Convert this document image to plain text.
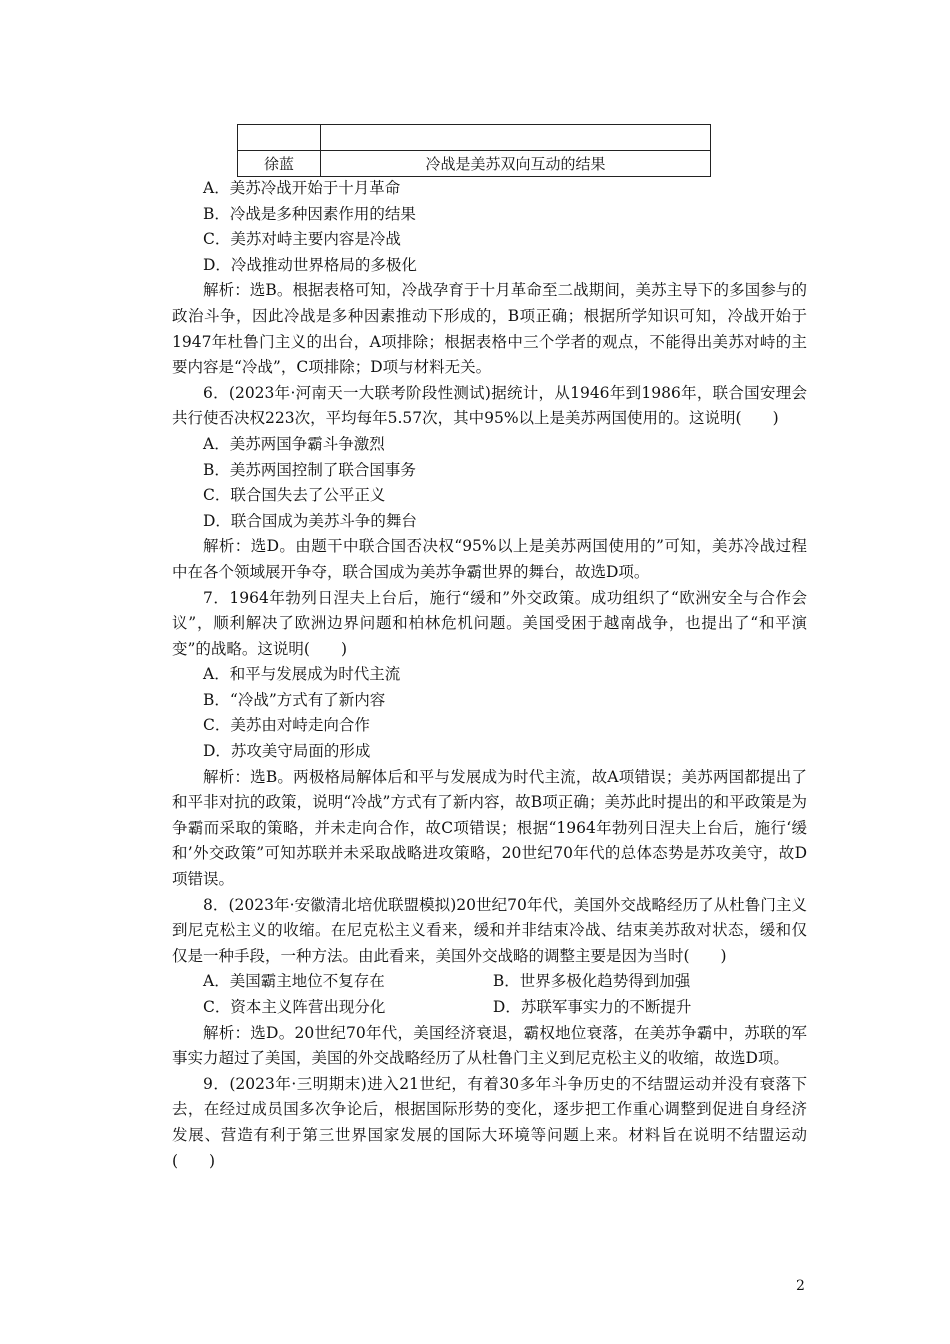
徐蓝	冷战是美苏双向互动的结果

A．美苏冷战开始于十月革命

B．冷战是多种因素作用的结果

C．美苏对峙主要内容是冷战

D．冷战推动世界格局的多极化

解析：选B。根据表格可知，冷战孕育于十月革命至二战期间，美苏主导下的多国参与的政治斗争，因此冷战是多种因素推动下形成的，B项正确；根据所学知识可知，冷战开始于1947年杜鲁门主义的出台，A项排除；根据表格中三个学者的观点，不能得出美苏对峙的主要内容是“冷战”，C项排除；D项与材料无关。

6．(2023年·河南天一大联考阶段性测试)据统计，从1946年到1986年，联合国安理会共行使否决权223次，平均每年5.57次，其中95%以上是美苏两国使用的。这说明(　　)

A．美苏两国争霸斗争激烈

B．美苏两国控制了联合国事务

C．联合国失去了公平正义

D．联合国成为美苏斗争的舞台

解析：选D。由题干中联合国否决权“95%以上是美苏两国使用的”可知，美苏冷战过程中在各个领域展开争夺，联合国成为美苏争霸世界的舞台，故选D项。

7．1964年勃列日涅夫上台后，施行“缓和”外交政策。成功组织了“欧洲安全与合作会议”，顺利解决了欧洲边界问题和柏林危机问题。美国受困于越南战争，也提出了“和平演变”的战略。这说明(　　)

A．和平与发展成为时代主流

B．“冷战”方式有了新内容

C．美苏由对峙走向合作

D．苏攻美守局面的形成

解析：选B。两极格局解体后和平与发展成为时代主流，故A项错误；美苏两国都提出了和平非对抗的政策，说明“冷战”方式有了新内容，故B项正确；美苏此时提出的和平政策是为争霸而采取的策略，并未走向合作，故C项错误；根据“1964年勃列日涅夫上台后，施行‘缓和’外交政策”可知苏联并未采取战略进攻策略，20世纪70年代的总体态势是苏攻美守，故D项错误。

8．(2023年·安徽清北培优联盟模拟)20世纪70年代，美国外交战略经历了从杜鲁门主义到尼克松主义的收缩。在尼克松主义看来，缓和并非结束冷战、结束美苏敌对状态，缓和仅仅是一种手段，一种方法。由此看来，美国外交战略的调整主要是因为当时(　　)

A．美国霸主地位不复存在	B．世界多极化趋势得到加强
C．资本主义阵营出现分化	D．苏联军事实力的不断提升

解析：选D。20世纪70年代，美国经济衰退，霸权地位衰落，在美苏争霸中，苏联的军事实力超过了美国，美国的外交战略经历了从杜鲁门主义到尼克松主义的收缩，故选D项。

9．(2023年·三明期末)进入21世纪，有着30多年斗争历史的不结盟运动并没有衰落下去，在经过成员国多次争论后，根据国际形势的变化，逐步把工作重心调整到促进自身经济发展、营造有利于第三世界国家发展的国际大环境等问题上来。材料旨在说明不结盟运动(　　)

2
